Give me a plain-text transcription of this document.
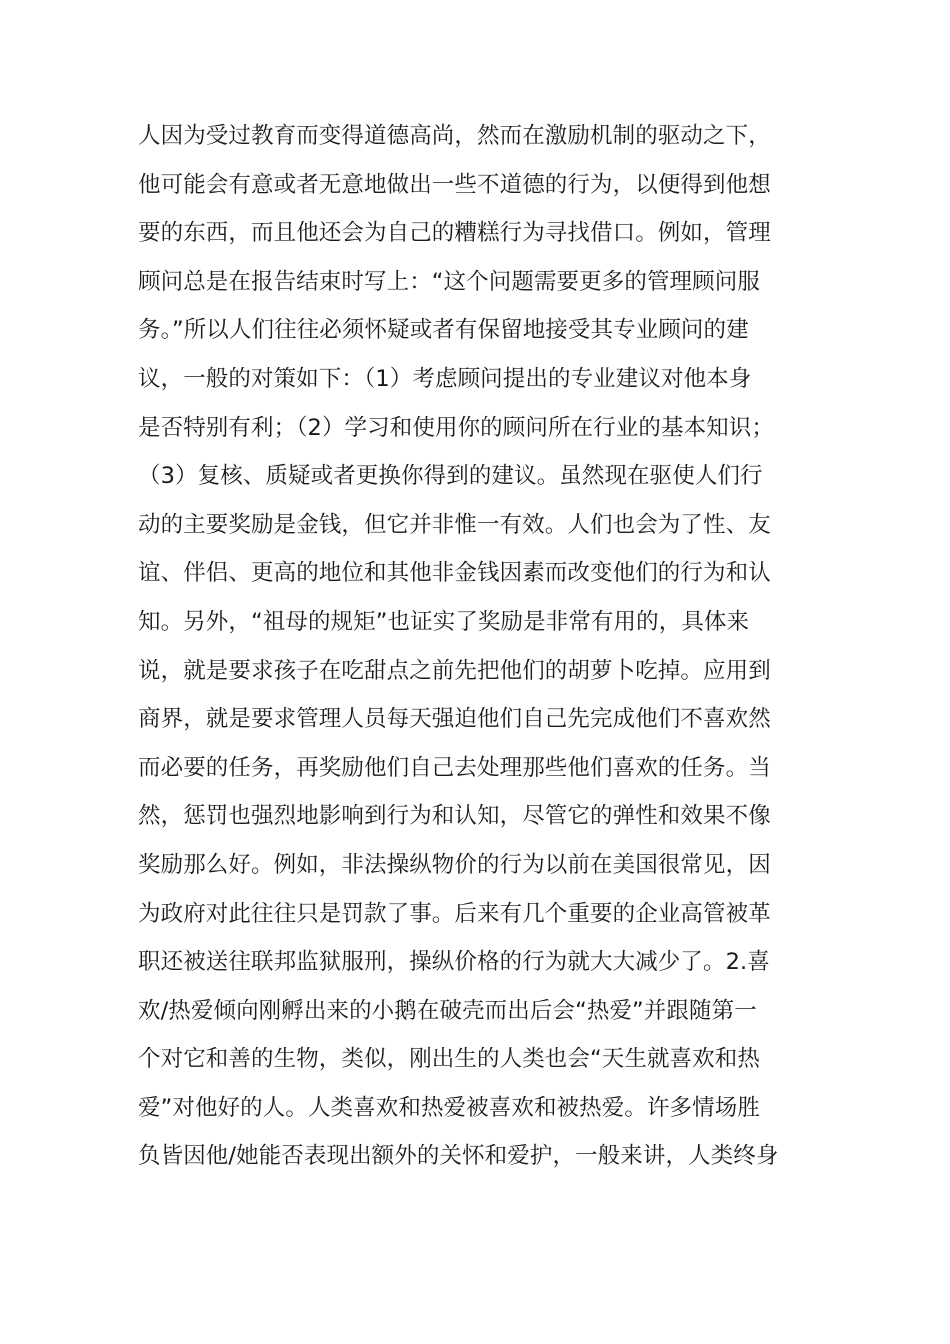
人因为受过教育而变得道德高尚，然而在激励机制的驱动之下，
他可能会有意或者无意地做出一些不道德的行为，以便得到他想
要的东西，而且他还会为自己的糟糕行为寻找借口。例如，管理
顾问总是在报告结束时写上：“这个问题需要更多的管理顾问服
务。”所以人们往往必须怀疑或者有保留地接受其专业顾问的建
议，一般的对策如下：（1）考虑顾问提出的专业建议对他本身
是否特别有利；（2）学习和使用你的顾问所在行业的基本知识；
（3）复核、质疑或者更换你得到的建议。虽然现在驱使人们行
动的主要奖励是金钱，但它并非惟一有效。人们也会为了性、友
谊、伴侣、更高的地位和其他非金钱因素而改变他们的行为和认
知。另外，“祖母的规矩”也证实了奖励是非常有用的，具体来
说，就是要求孩子在吃甜点之前先把他们的胡萝卜吃掉。应用到
商界，就是要求管理人员每天强迫他们自己先完成他们不喜欢然
而必要的任务，再奖励他们自己去处理那些他们喜欢的任务。当
然，惩罚也强烈地影响到行为和认知，尽管它的弹性和效果不像
奖励那么好。例如，非法操纵物价的行为以前在美国很常见，因
为政府对此往往只是罚款了事。后来有几个重要的企业高管被革
职还被送往联邦监狱服刑，操纵价格的行为就大大减少了。2.喜
欢/热爱倾向刚孵出来的小鹅在破壳而出后会“热爱”并跟随第一
个对它和善的生物，类似，刚出生的人类也会“天生就喜欢和热
爱”对他好的人。人类喜欢和热爱被喜欢和被热爱。许多情场胜
负皆因他/她能否表现出额外的关怀和爱护，一般来讲，人类终身
